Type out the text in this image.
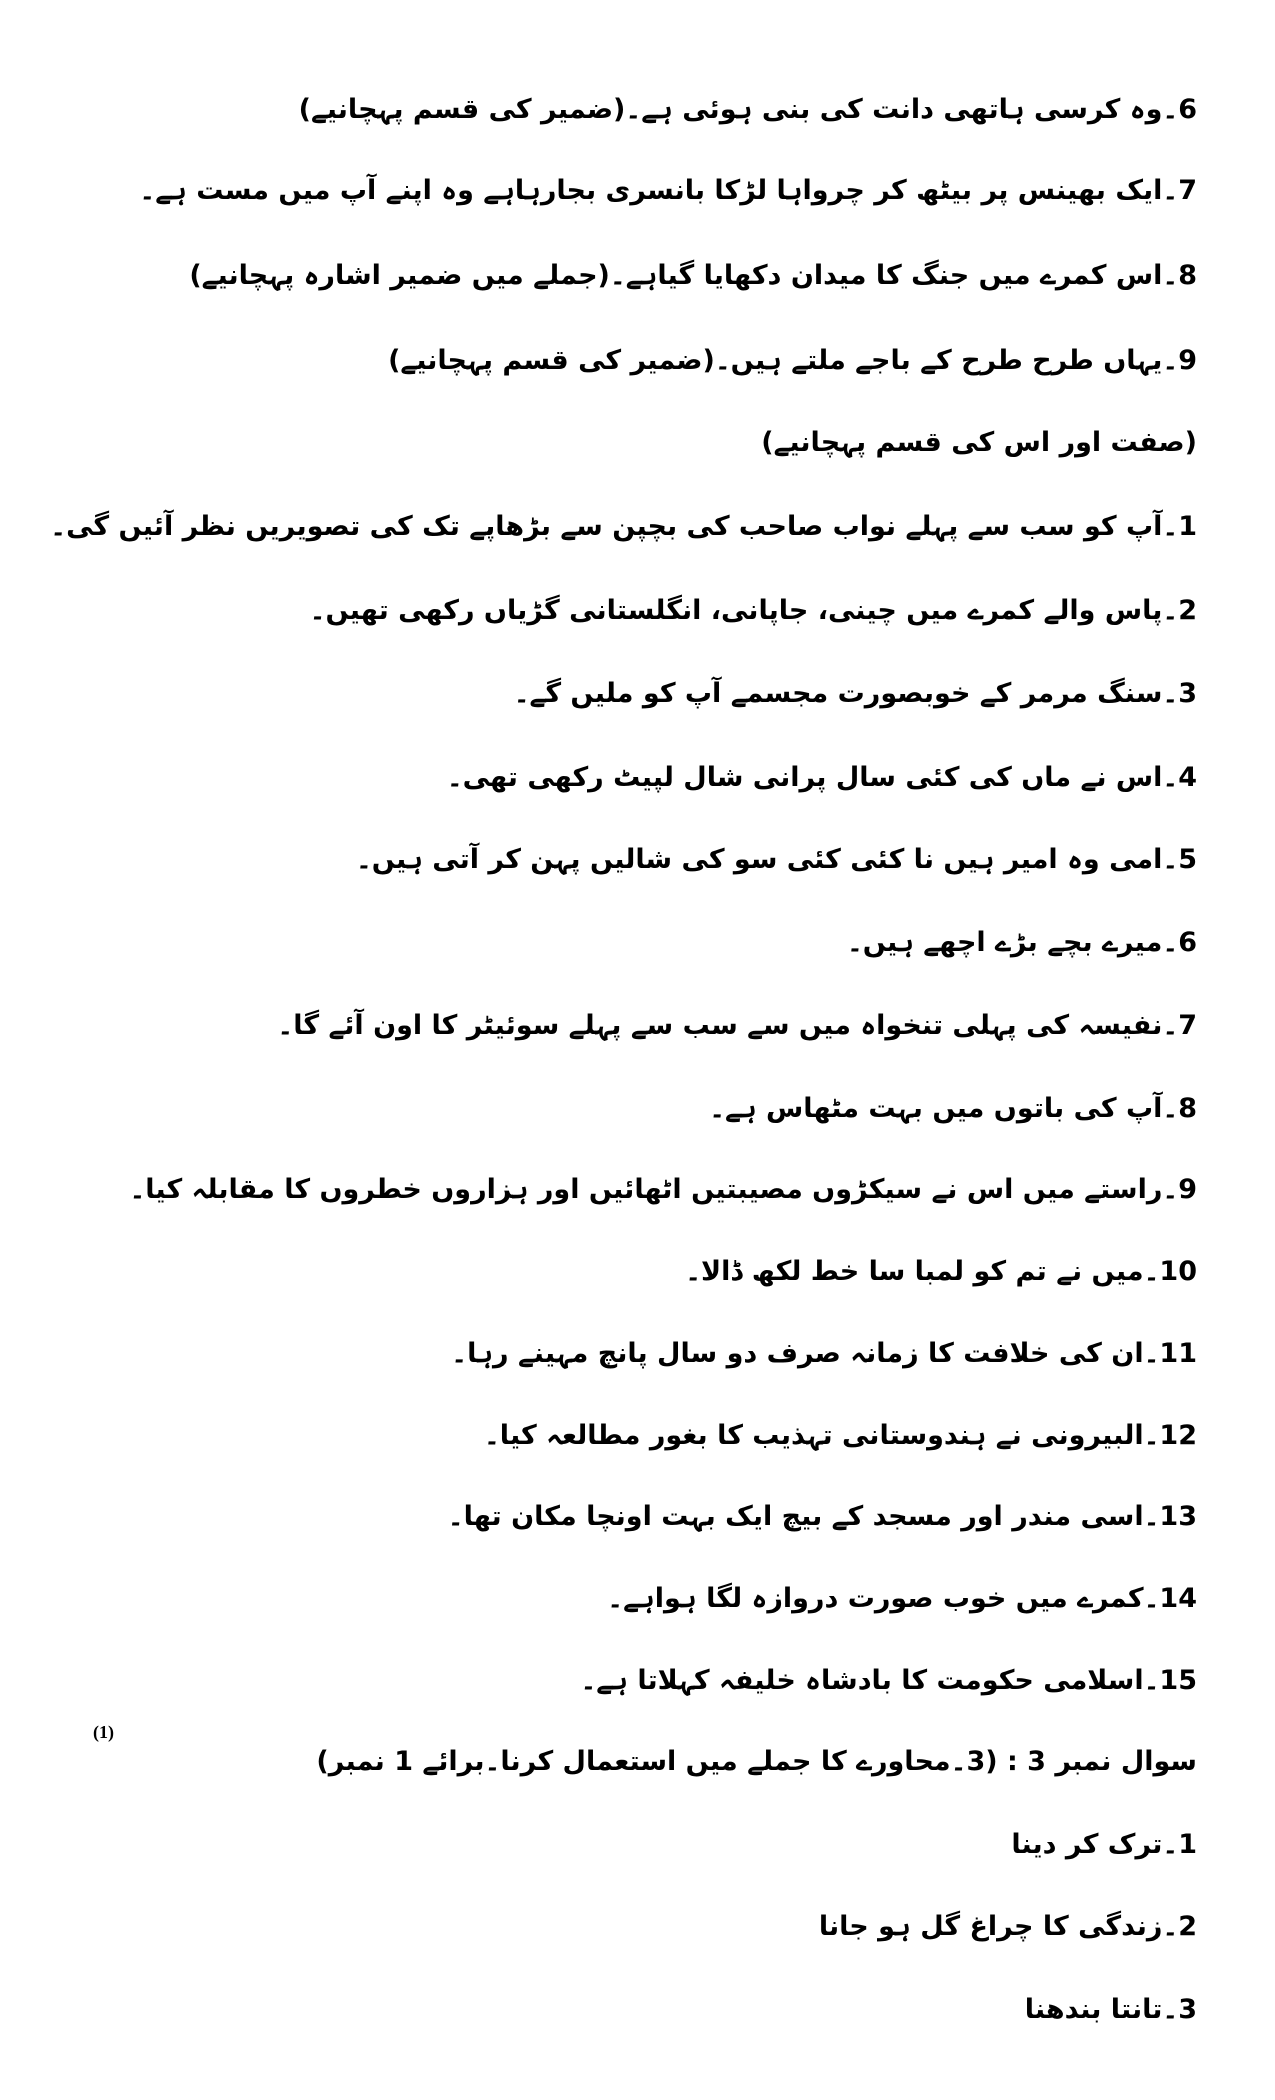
6۔وہ کرسی ہاتھی دانت کی بنی ہوئی ہے۔(ضمیر کی قسم پہچانیے)
7۔ایک بھینس پر بیٹھ کر چرواہا لڑکا بانسری بجارہاہے وہ اپنے آپ میں مست ہے۔
8۔اس کمرے میں جنگ کا میدان دکھایا گیاہے۔(جملے میں ضمیر اشارہ پہچانیے)
9۔یہاں طرح طرح کے باجے ملتے ہیں۔(ضمیر کی قسم پہچانیے)
(صفت اور اس کی قسم پہچانیے)
1۔آپ کو سب سے پہلے نواب صاحب کی بچپن سے بڑھاپے تک کی تصویریں نظر آئیں گی۔
2۔پاس والے کمرے میں چینی، جاپانی، انگلستانی گڑیاں رکھی تھیں۔
3۔سنگ مرمر کے خوبصورت مجسمے آپ کو ملیں گے۔
4۔اس نے ماں کی کئی سال پرانی شال لپیٹ رکھی تھی۔
5۔امی وہ امیر ہیں نا کئی کئی سو کی شالیں پہن کر آتی ہیں۔
6۔میرے بچے بڑے اچھے ہیں۔
7۔نفیسہ کی پہلی تنخواہ میں سے سب سے پہلے سوئیٹر کا اون آئے گا۔
8۔آپ کی باتوں میں بہت مٹھاس ہے۔
9۔راستے میں اس نے سیکڑوں مصیبتیں اٹھائیں اور ہزاروں خطروں کا مقابلہ کیا۔
10۔میں نے تم کو لمبا سا خط لکھ ڈالا۔
11۔ان کی خلافت کا زمانہ صرف دو سال پانچ مہینے رہا۔
12۔البیرونی نے ہندوستانی تہذیب کا بغور مطالعہ کیا۔
13۔اسی مندر اور مسجد کے بیچ ایک بہت اونچا مکان تھا۔
14۔کمرے میں خوب صورت دروازہ لگا ہواہے۔
15۔اسلامی حکومت کا بادشاہ خلیفہ کہلاتا ہے۔
سوال نمبر 3 : (3۔محاورے کا جملے میں استعمال کرنا۔برائے 1 نمبر)
1۔ترک کر دینا
2۔زندگی کا چراغ گل ہو جانا
3۔تانتا بندھنا
(1)
